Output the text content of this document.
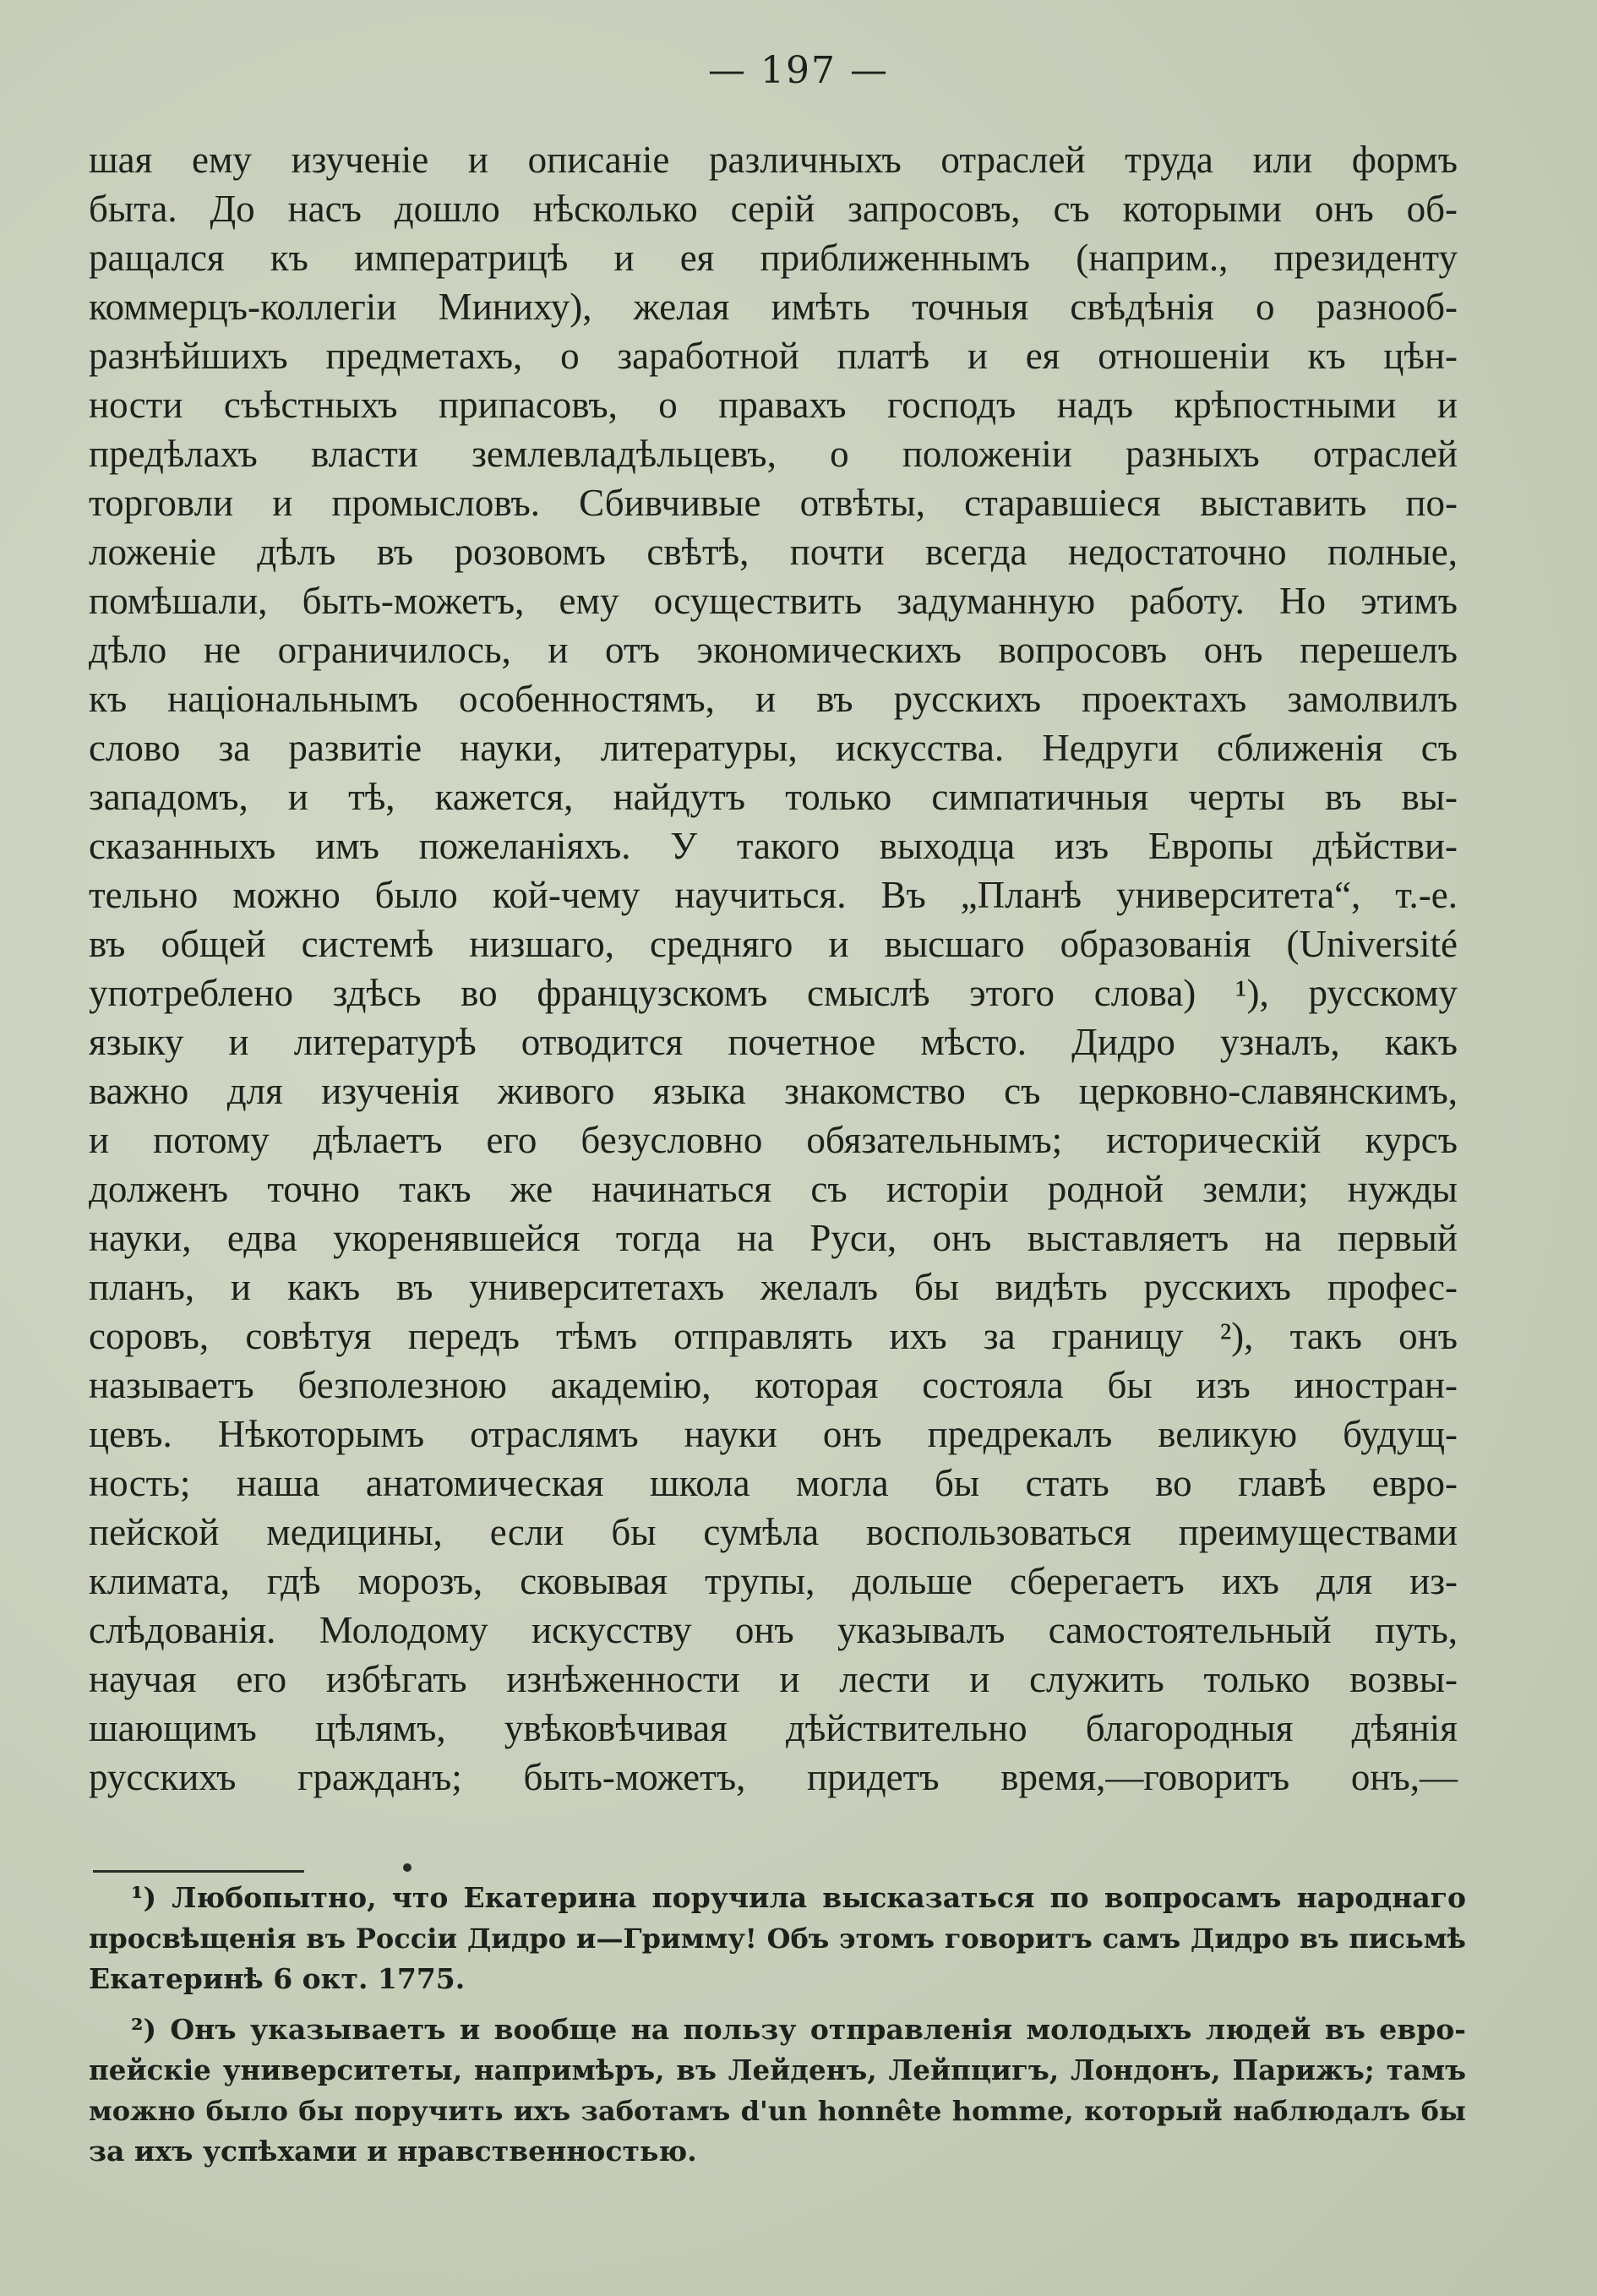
— 197 —
шая ему изученіе и описаніе различныхъ отраслей труда или формъ
быта. До насъ дошло нѣсколько серій запросовъ, съ которыми онъ об-
ращался къ императрицѣ и ея приближеннымъ (наприм., президенту
коммерцъ-коллегіи Миниху), желая имѣть точныя свѣдѣнія о разнооб-
разнѣйшихъ предметахъ, о заработной платѣ и ея отношеніи къ цѣн-
ности съѣстныхъ припасовъ, о правахъ господъ надъ крѣпостными и
предѣлахъ власти землевладѣльцевъ, о положеніи разныхъ отраслей
торговли и промысловъ. Сбивчивые отвѣты, старавшіеся выставить по-
ложеніе дѣлъ въ розовомъ свѣтѣ, почти всегда недостаточно полные,
помѣшали, быть-можетъ, ему осуществить задуманную работу. Но этимъ
дѣло не ограничилось, и отъ экономическихъ вопросовъ онъ перешелъ
къ національнымъ особенностямъ, и въ русскихъ проектахъ замолвилъ
слово за развитіе науки, литературы, искусства. Недруги сближенія съ
западомъ, и тѣ, кажется, найдутъ только симпатичныя черты въ вы-
сказанныхъ имъ пожеланіяхъ. У такого выходца изъ Европы дѣйстви-
тельно можно было кой-чему научиться. Въ „Планѣ университета“, т.-е.
въ общей системѣ низшаго, средняго и высшаго образованія (Université
употреблено здѣсь во французскомъ смыслѣ этого слова) ¹), русскому
языку и литературѣ отводится почетное мѣсто. Дидро узналъ, какъ
важно для изученія живого языка знакомство съ церковно-славянскимъ,
и потому дѣлаетъ его безусловно обязательнымъ; историческій курсъ
долженъ точно такъ же начинаться съ исторіи родной земли; нужды
науки, едва укоренявшейся тогда на Руси, онъ выставляетъ на первый
планъ, и какъ въ университетахъ желалъ бы видѣть русскихъ профес-
соровъ, совѣтуя передъ тѣмъ отправлять ихъ за границу ²), такъ онъ
называетъ безполезною академію, которая состояла бы изъ иностран-
цевъ. Нѣкоторымъ отраслямъ науки онъ предрекалъ великую будущ-
ность; наша анатомическая школа могла бы стать во главѣ евро-
пейской медицины, если бы сумѣла воспользоваться преимуществами
климата, гдѣ морозъ, сковывая трупы, дольше сберегаетъ ихъ для из-
слѣдованія. Молодому искусству онъ указывалъ самостоятельный путь,
научая его избѣгать изнѣженности и лести и служить только возвы-
шающимъ цѣлямъ, увѣковѣчивая дѣйствительно благородныя дѣянія
русскихъ гражданъ; быть-можетъ, придетъ время,—говоритъ онъ,—
¹) Любопытно, что Екатерина поручила высказаться по вопросамъ народнаго
просвѣщенія въ Россіи Дидро и—Гримму! Объ этомъ говоритъ самъ Дидро въ письмѣ
Екатеринѣ 6 окт. 1775.
²) Онъ указываетъ и вообще на пользу отправленія молодыхъ людей въ евро-
пейскіе университеты, напримѣръ, въ Лейденъ, Лейпцигъ, Лондонъ, Парижъ; тамъ
можно было бы поручить ихъ заботамъ d'un honnête homme, который наблюдалъ бы
за ихъ успѣхами и нравственностью.
